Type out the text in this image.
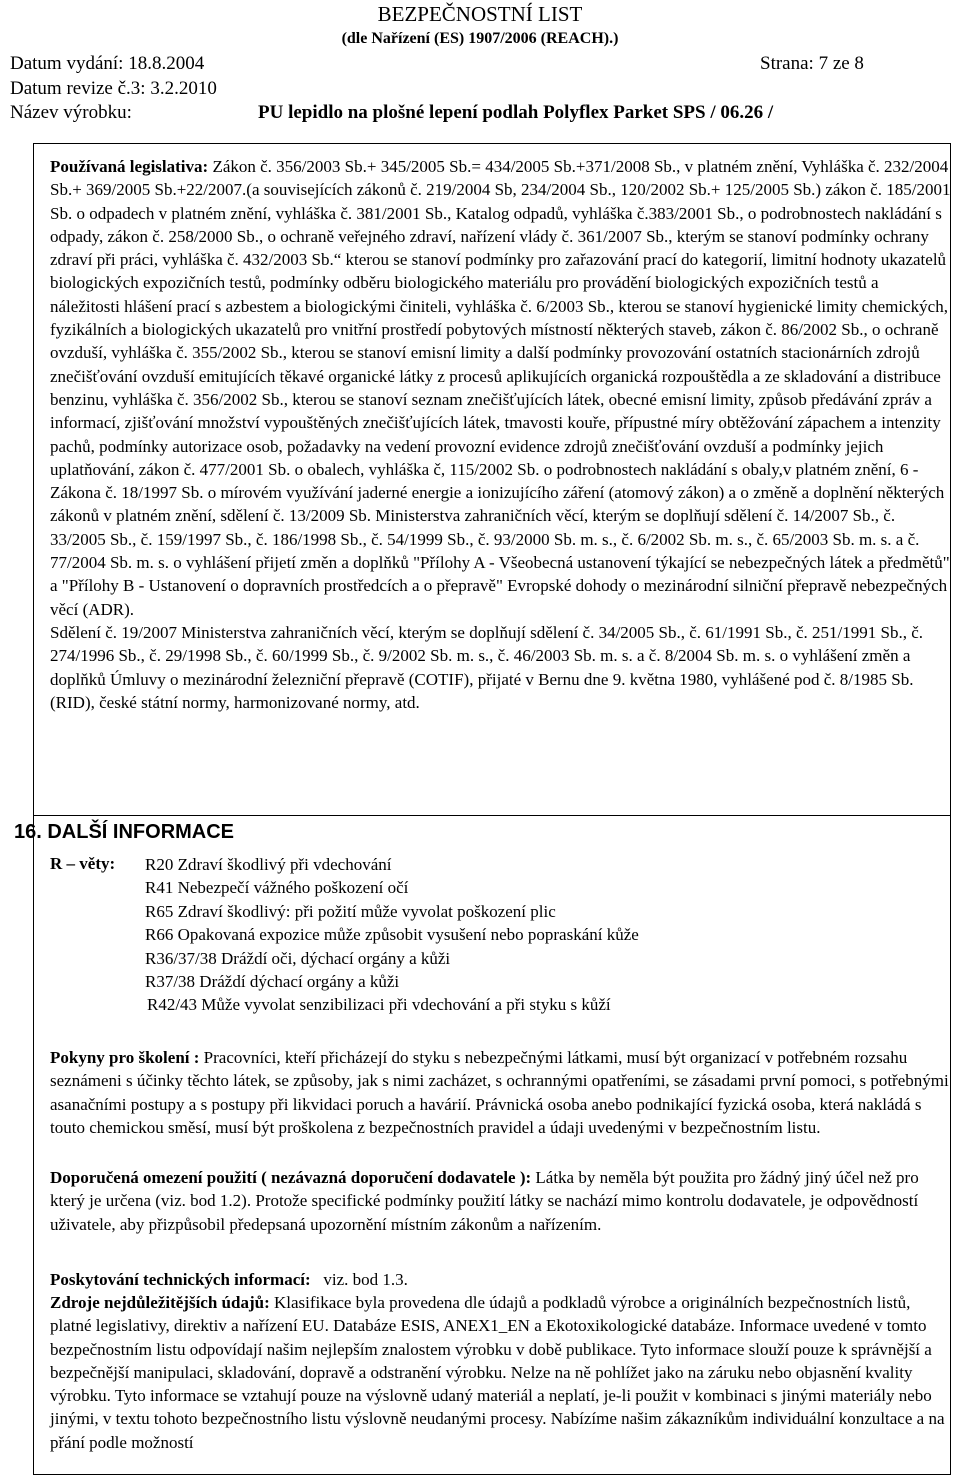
BEZPEČNOSTNÍ LIST
(dle Nařízení (ES) 1907/2006 (REACH).)
Datum vydání: 18.8.2004	Strana: 7 ze 8
Datum revize č.3: 3.2.2010
Název výrobku:	PU lepidlo na plošné lepení podlah Polyflex Parket SPS / 06.26 /
Používaná legislativa: Zákon č. 356/2003 Sb.+ 345/2005 Sb.= 434/2005 Sb.+371/2008 Sb., v platném znění, Vyhláška č. 232/2004 Sb.+ 369/2005 Sb.+22/2007.(a souvisejících zákonů č. 219/2004 Sb, 234/2004 Sb., 120/2002 Sb.+ 125/2005 Sb.) zákon č. 185/2001 Sb. o odpadech v platném znění, vyhláška č. 381/2001 Sb., Katalog odpadů, vyhláška č.383/2001 Sb., o podrobnostech nakládání s odpady, zákon č. 258/2000 Sb., o ochraně veřejného zdraví, nařízení vlády č. 361/2007 Sb., kterým se stanoví podmínky ochrany zdraví při práci, vyhláška č. 432/2003 Sb.“ kterou se stanoví podmínky pro zařazování prací do kategorií, limitní hodnoty ukazatelů biologických expozičních testů, podmínky odběru biologického materiálu pro provádění biologických expozičních testů a náležitosti hlášení prací s azbestem a biologickými činiteli, vyhláška č. 6/2003 Sb., kterou se stanoví hygienické limity chemických, fyzikálních a biologických ukazatelů pro vnitřní prostředí pobytových místností některých staveb, zákon č. 86/2002 Sb., o ochraně ovzduší, vyhláška č. 355/2002 Sb., kterou se stanoví emisní limity a další podmínky provozování ostatních stacionárních zdrojů znečišťování ovzduší emitujících těkavé organické látky z procesů aplikujících organická rozpouštědla a ze skladování a distribuce benzinu, vyhláška č. 356/2002 Sb., kterou se stanoví seznam znečišťujících látek, obecné emisní limity, způsob předávání zpráv a informací, zjišťování množství vypouštěných znečišťujících látek, tmavosti kouře, přípustné míry obtěžování zápachem a intenzity pachů, podmínky autorizace osob, požadavky na vedení provozní evidence zdrojů znečišťování ovzduší a podmínky jejich uplatňování, zákon č. 477/2001 Sb. o obalech, vyhláška č, 115/2002 Sb. o podrobnostech nakládání s obaly,v platném znění, 6 - Zákona č. 18/1997 Sb. o mírovém využívání jaderné energie a ionizujícího záření (atomový zákon) a o změně a doplnění některých zákonů v platném znění, sdělení č. 13/2009 Sb. Ministerstva zahraničních věcí, kterým se doplňují sdělení č. 14/2007 Sb., č. 33/2005 Sb., č. 159/1997 Sb., č. 186/1998 Sb., č. 54/1999 Sb., č. 93/2000 Sb. m. s., č. 6/2002 Sb. m. s., č. 65/2003 Sb. m. s. a č. 77/2004 Sb. m. s. o vyhlášení přijetí změn a doplňků "Přílohy A - Všeobecná ustanovení týkající se nebezpečných látek a předmětů" a "Přílohy B - Ustanovení o dopravních prostředcích a o přepravě" Evropské dohody o mezinárodní silniční přepravě nebezpečných věcí (ADR).
Sdělení č. 19/2007 Ministerstva zahraničních věcí, kterým se doplňují sdělení č. 34/2005 Sb., č. 61/1991 Sb., č. 251/1991 Sb., č. 274/1996 Sb., č. 29/1998 Sb., č. 60/1999 Sb., č. 9/2002 Sb. m. s., č. 46/2003 Sb. m. s. a č. 8/2004 Sb. m. s. o vyhlášení změn a doplňků Úmluvy o mezinárodní železniční přepravě (COTIF), přijaté v Bernu dne 9. května 1980, vyhlášené pod č. 8/1985 Sb.(RID), české státní normy, harmonizované normy, atd.
16. DALŠÍ INFORMACE
R – věty: R20 Zdraví škodlivý při vdechování
R41 Nebezpečí vážného poškození očí
R65 Zdraví škodlivý: při požití může vyvolat poškození plic
R66 Opakovaná expozice může způsobit vysušení nebo popraskání kůže
R36/37/38 Dráždí oči, dýchací orgány a kůži
R37/38 Dráždí dýchací orgány a kůži
R42/43 Může vyvolat senzibilizaci při vdechování a při styku s kůží
Pokyny pro školení : Pracovníci, kteří přicházejí do styku s nebezpečnými látkami, musí být organizací v potřebném rozsahu seznámeni s účinky těchto látek, se způsoby, jak s nimi zacházet, s ochrannými opatřeními, se zásadami první pomoci, s potřebnými asanačními postupy a s postupy při likvidaci poruch a havárií. Právnická osoba anebo podnikající fyzická osoba, která nakládá s touto chemickou směsí, musí být proškolena z bezpečnostních pravidel a údaji uvedenými v bezpečnostním listu.
Doporučená omezení použití ( nezávazná doporučení dodavatele ): Látka by neměla být použita pro žádný jiný účel než pro který je určena (viz. bod 1.2). Protože specifické podmínky použití látky se nachází mimo kontrolu dodavatele, je odpovědností uživatele, aby přizpůsobil předepsaná upozornění místním zákonům a nařízením.
Poskytování technických informací:   viz. bod 1.3.
Zdroje nejdůležitějších údajů: Klasifikace byla provedena dle údajů a podkladů výrobce a originálních bezpečnostních listů, platné legislativy, direktiv a nařízení EU. Databáze ESIS, ANEX1_EN a Ekotoxikologické databáze. Informace uvedené v tomto bezpečnostním listu odpovídají našim nejlepším znalostem výrobku v době publikace. Tyto informace slouží pouze k správnější a bezpečnější manipulaci, skladování, dopravě a odstranění výrobku. Nelze na ně pohlížet jako na záruku nebo objasnění kvality výrobku. Tyto informace se vztahují pouze na výslovně udaný materiál a neplatí, je-li použit v kombinaci s jinými materiály nebo jinými, v textu tohoto bezpečnostního listu výslovně neudanými procesy. Nabízíme našim zákazníkům individuální konzultace a na přání podle možností
